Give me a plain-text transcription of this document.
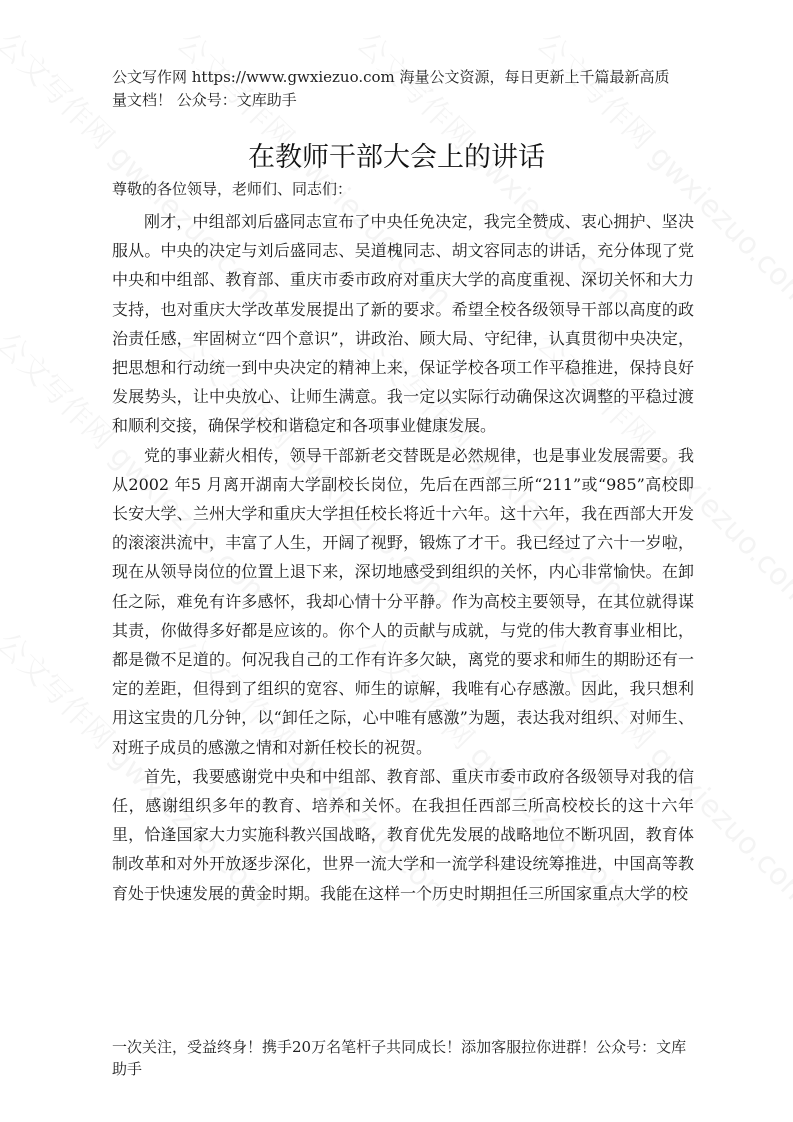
公文写作网 https://www.gwxiezuo.com 海量公文资源，每日更新上千篇最新高质量文档！ 公众号：文库助手
在教师干部大会上的讲话
尊敬的各位领导，老师们、同志们：

刚才，中组部刘后盛同志宣布了中央任免决定，我完全赞成、衷心拥护、坚决服从。中央的决定与刘后盛同志、吴道槐同志、胡文容同志的讲话，充分体现了党中央和中组部、教育部、重庆市委市政府对重庆大学的高度重视、深切关怀和大力支持，也对重庆大学改革发展提出了新的要求。希望全校各级领导干部以高度的政治责任感，牢固树立“四个意识”，讲政治、顾大局、守纪律，认真贯彻中央决定，把思想和行动统一到中央决定的精神上来，保证学校各项工作平稳推进，保持良好发展势头，让中央放心、让师生满意。我一定以实际行动确保这次调整的平稳过渡和顺利交接，确保学校和谐稳定和各项事业健康发展。

党的事业薪火相传，领导干部新老交替既是必然规律，也是事业发展需要。我从2002 年5 月离开湖南大学副校长岗位，先后在西部三所“211”或“985”高校即长安大学、兰州大学和重庆大学担任校长将近十六年。这十六年，我在西部大开发的滚滚洪流中，丰富了人生，开阔了视野，锻炼了才干。我已经过了六十一岁啦，现在从领导岗位的位置上退下来，深切地感受到组织的关怀，内心非常愉快。在卸任之际，难免有许多感怀，我却心情十分平静。作为高校主要领导，在其位就得谋其责，你做得多好都是应该的。你个人的贡献与成就，与党的伟大教育事业相比，都是微不足道的。何况我自己的工作有许多欠缺，离党的要求和师生的期盼还有一定的差距，但得到了组织的宽容、师生的谅解，我唯有心存感激。因此，我只想利用这宝贵的几分钟，以“卸任之际，心中唯有感激”为题，表达我对组织、对师生、对班子成员的感激之情和对新任校长的祝贺。

首先，我要感谢党中央和中组部、教育部、重庆市委市政府各级领导对我的信任，感谢组织多年的教育、培养和关怀。在我担任西部三所高校校长的这十六年里，恰逢国家大力实施科教兴国战略，教育优先发展的战略地位不断巩固，教育体制改革和对外开放逐步深化，世界一流大学和一流学科建设统筹推进，中国高等教育处于快速发展的黄金时期。我能在这样一个历史时期担任三所国家重点大学的校

一次关注，受益终身！携手20万名笔杆子共同成长！添加客服拉你进群！公众号：文库助手
